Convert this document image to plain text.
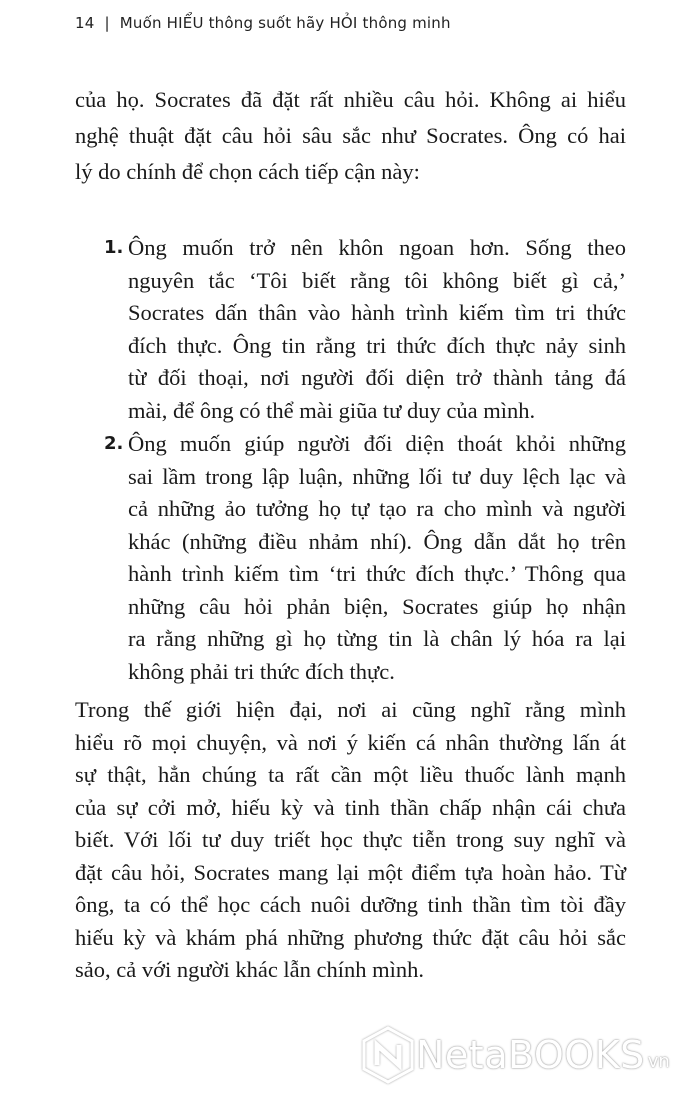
14 | Muốn HIỂU thông suốt hãy HỎI thông minh
của họ. Socrates đã đặt rất nhiều câu hỏi. Không ai hiểu
nghệ thuật đặt câu hỏi sâu sắc như Socrates. Ông có hai
lý do chính để chọn cách tiếp cận này:
1. Ông muốn trở nên khôn ngoan hơn. Sống theo
nguyên tắc ‘Tôi biết rằng tôi không biết gì cả,’
Socrates dấn thân vào hành trình kiếm tìm tri thức
đích thực. Ông tin rằng tri thức đích thực nảy sinh
từ đối thoại, nơi người đối diện trở thành tảng đá
mài, để ông có thể mài giũa tư duy của mình.
2. Ông muốn giúp người đối diện thoát khỏi những
sai lầm trong lập luận, những lối tư duy lệch lạc và
cả những ảo tưởng họ tự tạo ra cho mình và người
khác (những điều nhảm nhí). Ông dẫn dắt họ trên
hành trình kiếm tìm ‘tri thức đích thực.’ Thông qua
những câu hỏi phản biện, Socrates giúp họ nhận
ra rằng những gì họ từng tin là chân lý hóa ra lại
không phải tri thức đích thực.
Trong thế giới hiện đại, nơi ai cũng nghĩ rằng mình
hiểu rõ mọi chuyện, và nơi ý kiến cá nhân thường lấn át
sự thật, hẳn chúng ta rất cần một liều thuốc lành mạnh
của sự cởi mở, hiếu kỳ và tinh thần chấp nhận cái chưa
biết. Với lối tư duy triết học thực tiễn trong suy nghĩ và
đặt câu hỏi, Socrates mang lại một điểm tựa hoàn hảo. Từ
ông, ta có thể học cách nuôi dưỡng tinh thần tìm tòi đầy
hiếu kỳ và khám phá những phương thức đặt câu hỏi sắc
sảo, cả với người khác lẫn chính mình.
NetaBOOKS vn
